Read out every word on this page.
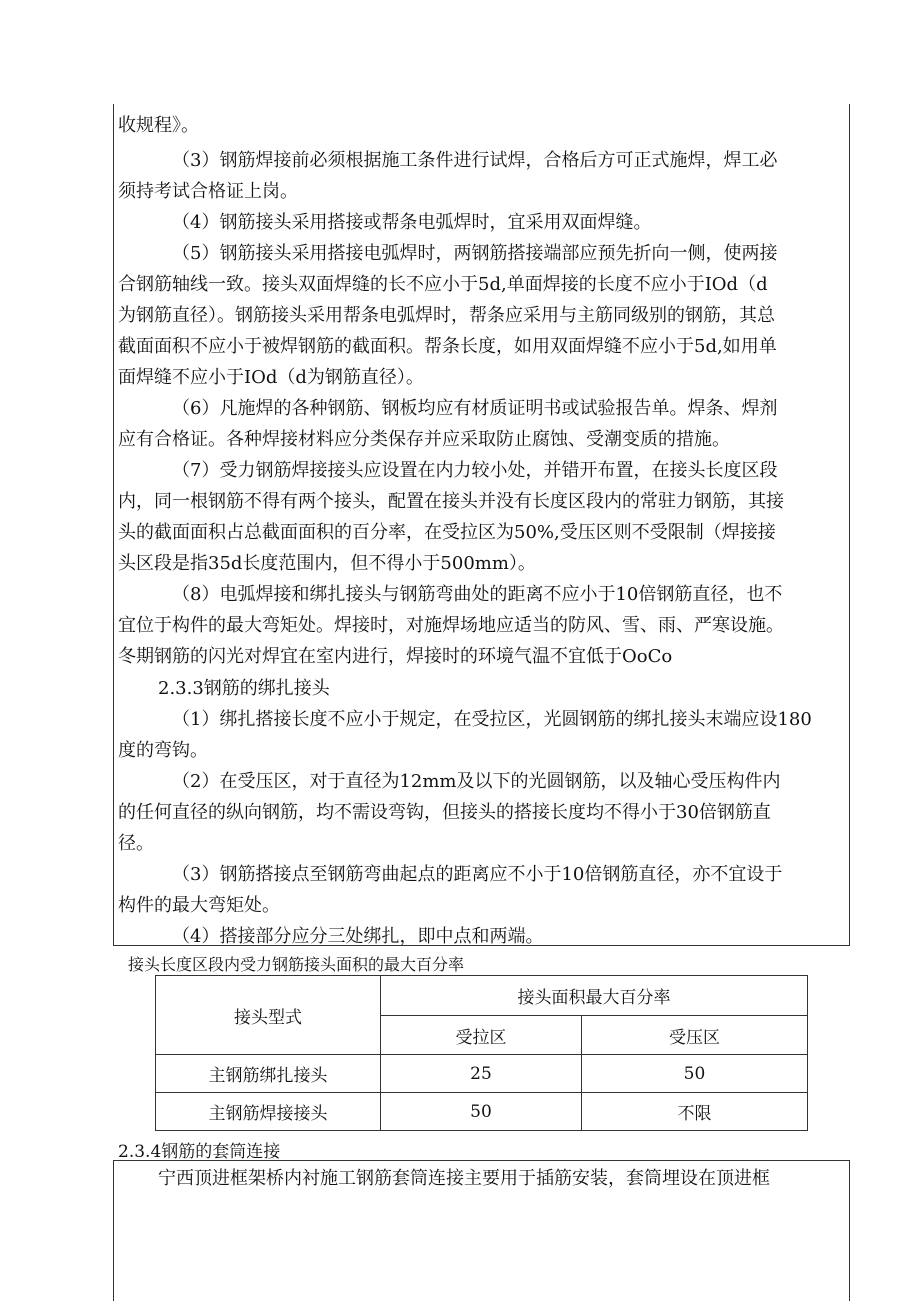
收规程》。
（3）钢筋焊接前必须根据施工条件进行试焊，合格后方可正式施焊，焊工必
须持考试合格证上岗。
（4）钢筋接头采用搭接或帮条电弧焊时，宜采用双面焊缝。
（5）钢筋接头采用搭接电弧焊时，两钢筋搭接端部应预先折向一侧，使两接
合钢筋轴线一致。接头双面焊缝的长不应小于5d,单面焊接的长度不应小于IOd（d
为钢筋直径）。钢筋接头采用帮条电弧焊时，帮条应采用与主筋同级别的钢筋，其总
截面面积不应小于被焊钢筋的截面积。帮条长度，如用双面焊缝不应小于5d,如用单
面焊缝不应小于IOd（d为钢筋直径）。
（6）凡施焊的各种钢筋、钢板均应有材质证明书或试验报告单。焊条、焊剂
应有合格证。各种焊接材料应分类保存并应采取防止腐蚀、受潮变质的措施。
（7）受力钢筋焊接接头应设置在内力较小处，并错开布置，在接头长度区段
内，同一根钢筋不得有两个接头，配置在接头并没有长度区段内的常驻力钢筋，其接
头的截面面积占总截面面积的百分率，在受拉区为50%,受压区则不受限制（焊接接
头区段是指35d长度范围内，但不得小于500mm）。
（8）电弧焊接和绑扎接头与钢筋弯曲处的距离不应小于10倍钢筋直径，也不
宜位于构件的最大弯矩处。焊接时，对施焊场地应适当的防风、雪、雨、严寒设施。
冬期钢筋的闪光对焊宜在室内进行，焊接时的环境气温不宜低于OoCo
2.3.3钢筋的绑扎接头
（1）绑扎搭接长度不应小于规定，在受拉区，光圆钢筋的绑扎接头末端应设180
度的弯钩。
（2）在受压区，对于直径为12mm及以下的光圆钢筋，以及轴心受压构件内
的任何直径的纵向钢筋，均不需设弯钩，但接头的搭接长度均不得小于30倍钢筋直
径。
（3）钢筋搭接点至钢筋弯曲起点的距离应不小于10倍钢筋直径，亦不宜设于
构件的最大弯矩处。
（4）搭接部分应分三处绑扎，即中点和两端。
接头长度区段内受力钢筋接头面积的最大百分率
接头型式	接头面积最大百分率	
	受拉区	受压区
主钢筋绑扎接头	25	50
主钢筋焊接接头	50	不限
2.3.4钢筋的套筒连接
宁西顶进框架桥内衬施工钢筋套筒连接主要用于插筋安装，套筒埋设在顶进框
